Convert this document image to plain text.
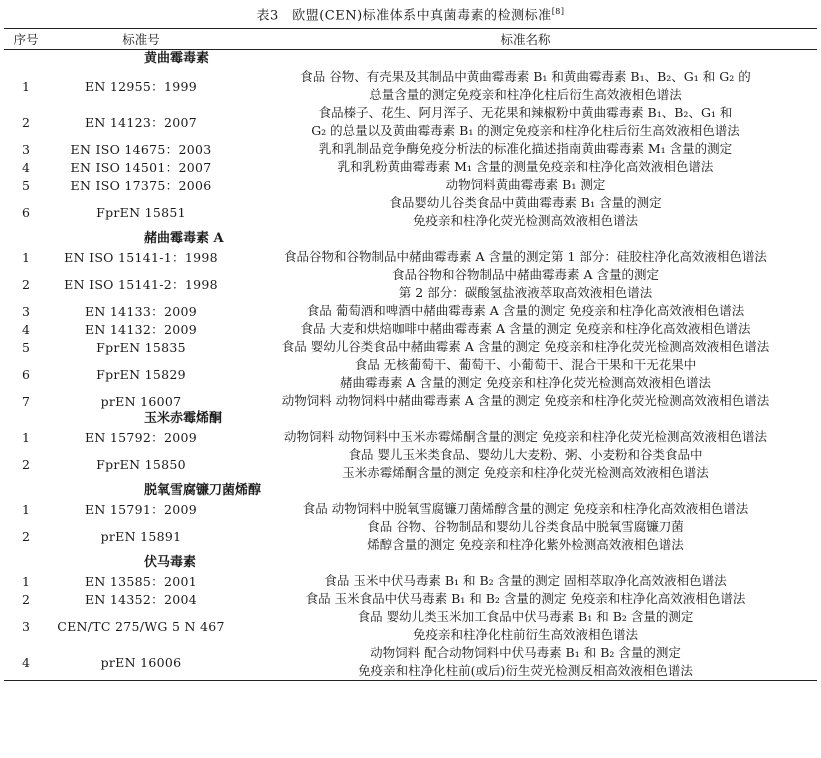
表3　欧盟(CEN)标准体系中真菌毒素的检测标准[8]
序号	标准号	标准名称
	黄曲霉毒素	
1	EN 12955：1999	食品 谷物、有壳果及其制品中黄曲霉毒素 B₁ 和黄曲霉毒素 B₁、B₂、G₁ 和 G₂ 的
总量含量的测定免疫亲和柱净化柱后衍生高效液相色谱法

2	EN 14123：2007	食品榛子、花生、阿月浑子、无花果和辣椒粉中黄曲霉毒素 B₁、B₂、G₁ 和
G₂ 的总量以及黄曲霉毒素 B₁ 的测定免疫亲和柱净化柱后衍生高效液相色谱法

3	EN ISO 14675：2003	乳和乳制品竞争酶免疫分析法的标准化描述指南黄曲霉毒素 M₁ 含量的测定

4	EN ISO 14501：2007	乳和乳粉黄曲霉毒素 M₁ 含量的测量免疫亲和柱净化高效液相色谱法

5	EN ISO 17375：2006	动物饲料黄曲霉毒素 B₁ 测定

6	FprEN 15851	食品婴幼儿谷类食品中黄曲霉毒素 B₁ 含量的测定
免疫亲和柱净化荧光检测高效液相色谱法

	赭曲霉毒素 A	
1	EN ISO 15141-1：1998	食品谷物和谷物制品中赭曲霉毒素 A 含量的测定第 1 部分：硅胶柱净化高效液相色谱法

2	EN ISO 15141-2：1998	食品谷物和谷物制品中赭曲霉毒素 A 含量的测定
第 2 部分：碳酸氢盐液液萃取高效液相色谱法

3	EN 14133：2009	食品 葡萄酒和啤酒中赭曲霉毒素 A 含量的测定 免疫亲和柱净化高效液相色谱法

4	EN 14132：2009	食品 大麦和烘焙咖啡中赭曲霉毒素 A 含量的测定 免疫亲和柱净化高效液相色谱法

5	FprEN 15835	食品 婴幼儿谷类食品中赭曲霉素 A 含量的测定 免疫亲和柱净化荧光检测高效液相色谱法

6	FprEN 15829	食品 无核葡萄干、葡萄干、小葡萄干、混合干果和干无花果中
赭曲霉毒素 A 含量的测定 免疫亲和柱净化荧光检测高效液相色谱法

7	prEN 16007	动物饲料 动物饲料中赭曲霉毒素 A 含量的测定 免疫亲和柱净化荧光检测高效液相色谱法

	玉米赤霉烯酮	
1	EN 15792：2009	动物饲料 动物饲料中玉米赤霉烯酮含量的测定 免疫亲和柱净化荧光检测高效液相色谱法

2	FprEN 15850	食品 婴儿玉米类食品、婴幼儿大麦粉、粥、小麦粉和谷类食品中
玉米赤霉烯酮含量的测定 免疫亲和柱净化荧光检测高效液相色谱法

	脱氧雪腐镰刀菌烯醇	
1	EN 15791：2009	食品 动物饲料中脱氧雪腐镰刀菌烯醇含量的测定 免疫亲和柱净化高效液相色谱法

2	prEN 15891	食品 谷物、谷物制品和婴幼儿谷类食品中脱氧雪腐镰刀菌
烯醇含量的测定 免疫亲和柱净化紫外检测高效液相色谱法

	伏马毒素	
1	EN 13585：2001	食品 玉米中伏马毒素 B₁ 和 B₂ 含量的测定 固相萃取净化高效液相色谱法

2	EN 14352：2004	食品 玉米食品中伏马毒素 B₁ 和 B₂ 含量的测定 免疫亲和柱净化高效液相色谱法

3	CEN/TC 275/WG 5 N 467	食品 婴幼儿类玉米加工食品中伏马毒素 B₁ 和 B₂ 含量的测定
免疫亲和柱净化柱前衍生高效液相色谱法

4	prEN 16006	动物饲料 配合动物饲料中伏马毒素 B₁ 和 B₂ 含量的测定
免疫亲和柱净化柱前(或后)衍生荧光检测反相高效液相色谱法
